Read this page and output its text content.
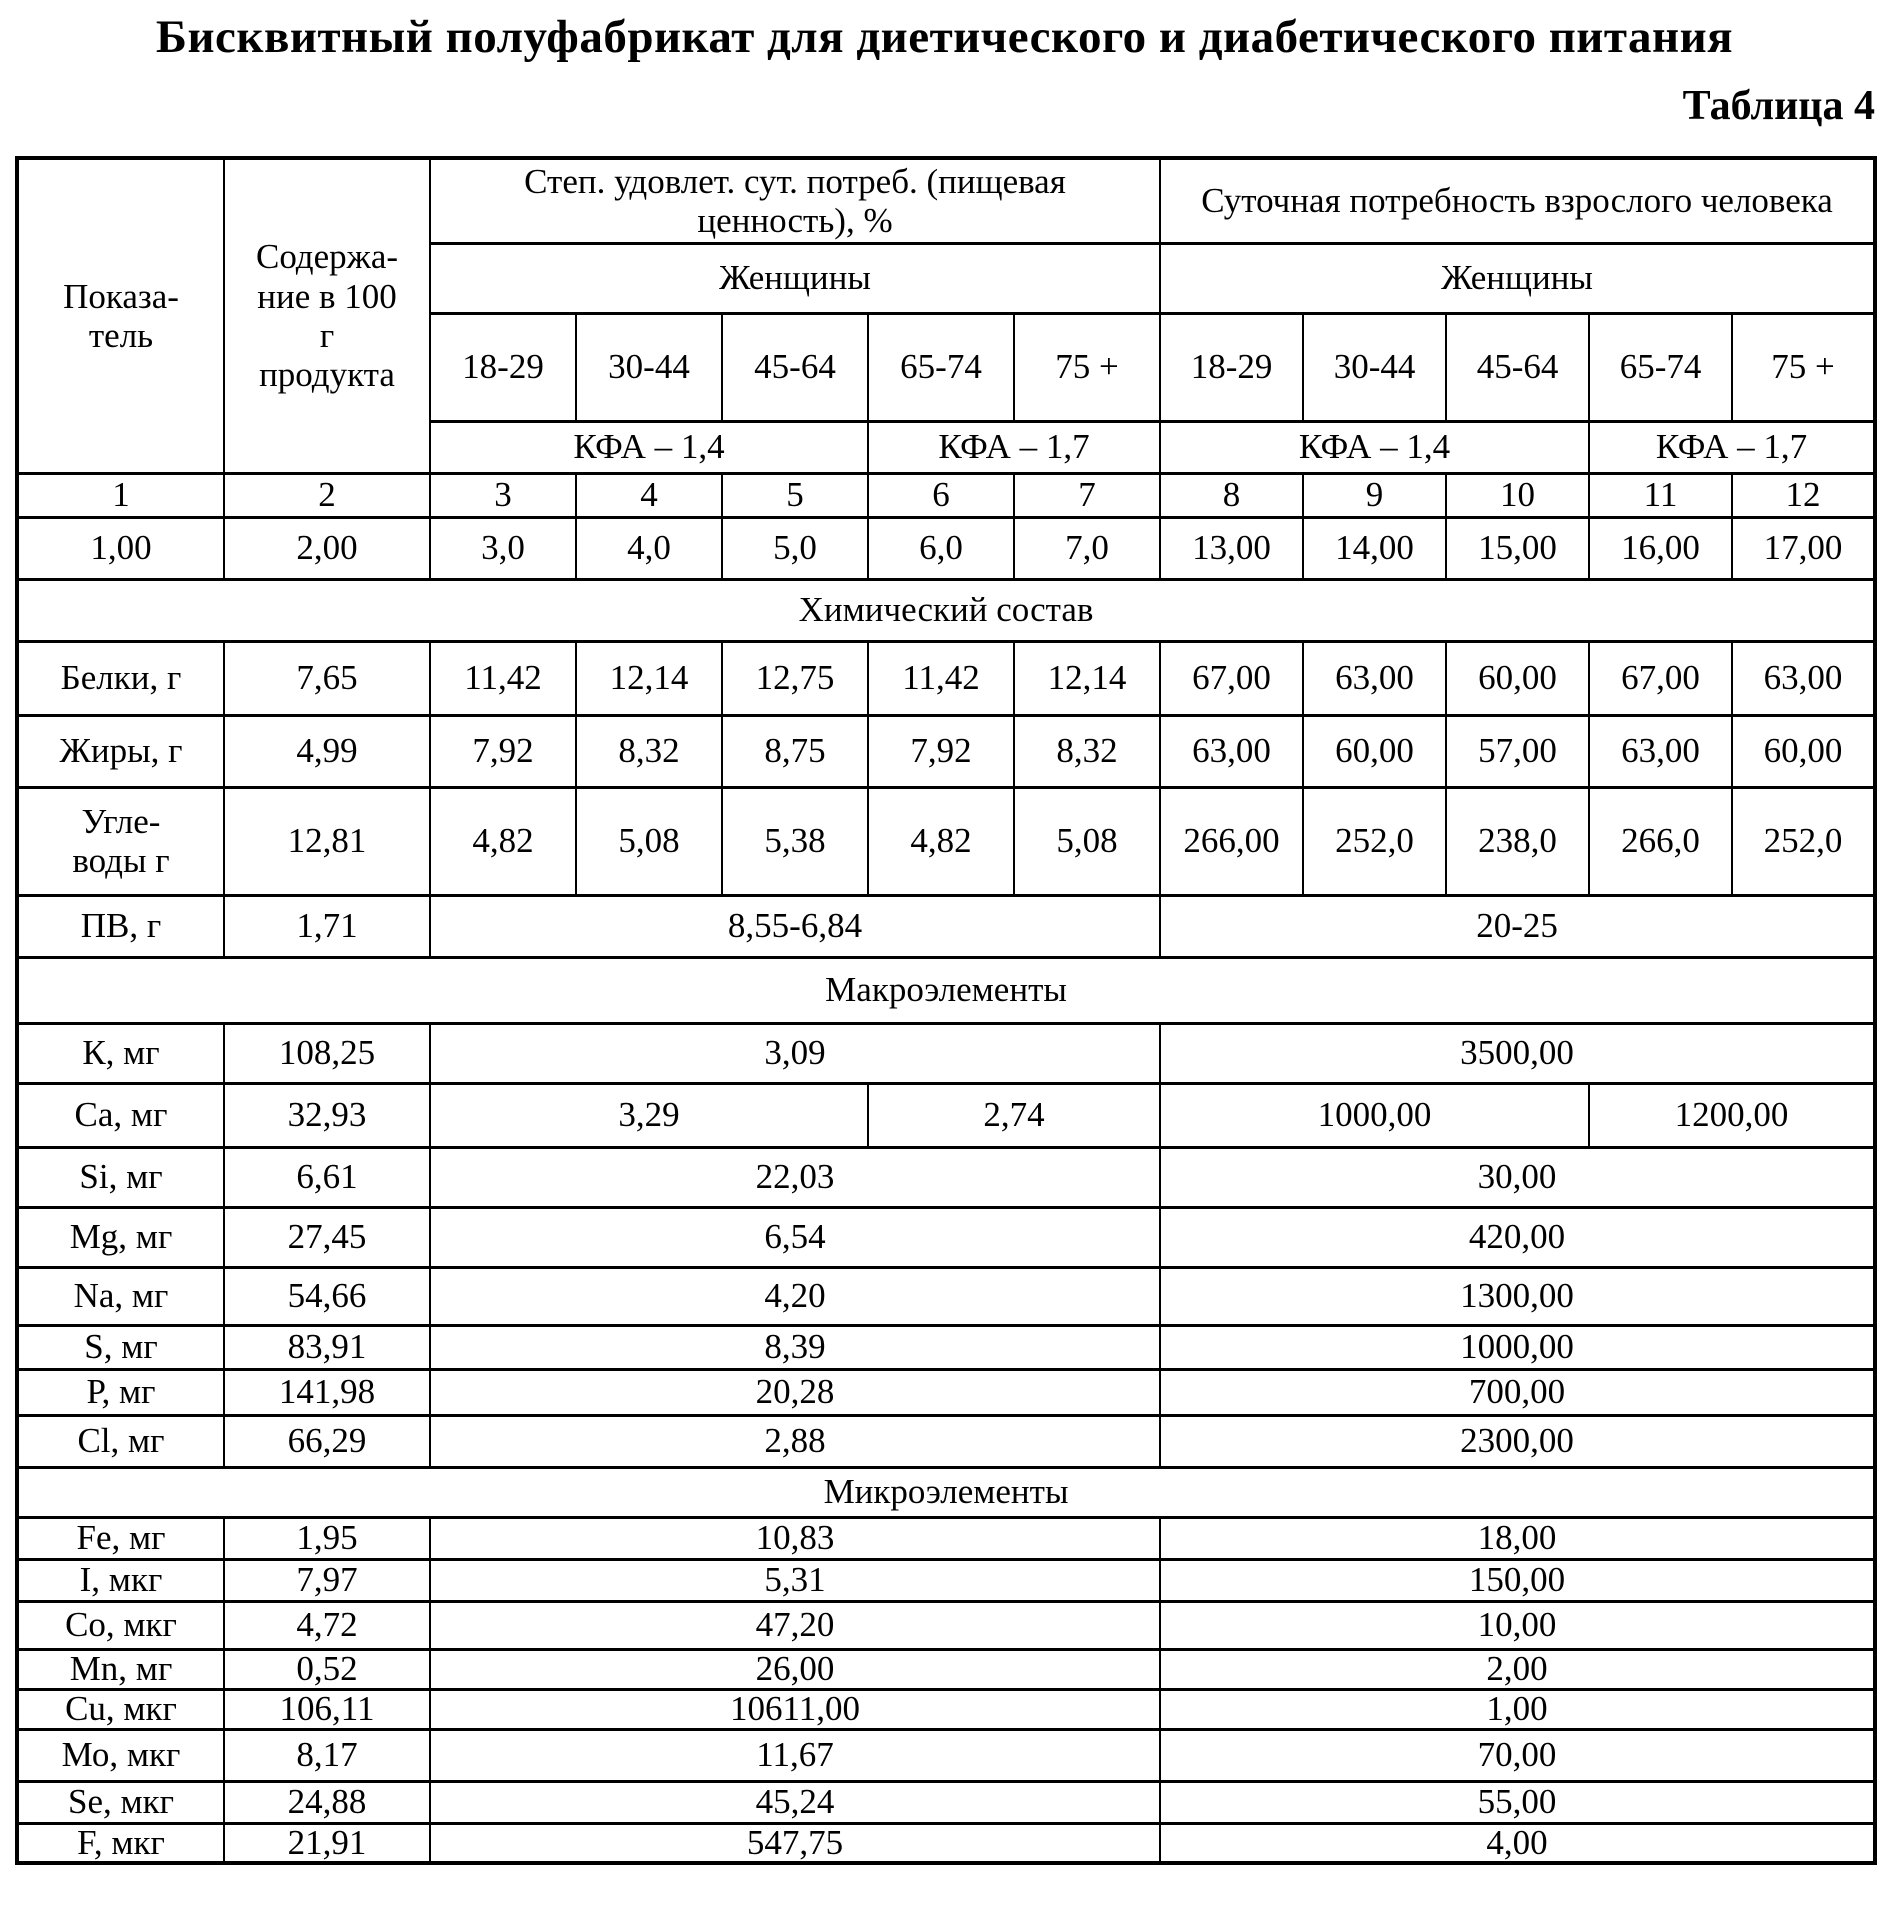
Бисквитный полуфабрикат для диетического и диабетического питания
Таблица 4
Показа-
тель	Содержа-
ние в 100
г
продукта	Степ. удовлет. сут. потреб. (пищевая
ценность), %					Суточная потребность взрослого человека				
		Женщины					Женщины				
		18-29	30-44	45-64	65-74	75 +	18-29	30-44	45-64	65-74	75 +
		КФА – 1,4			КФА – 1,7		КФА – 1,4			КФА – 1,7	
1	2	3	4	5	6	7	8	9	10	11	12
1,00	2,00	3,0	4,0	5,0	6,0	7,0	13,00	14,00	15,00	16,00	17,00
Химический состав											
Белки, г	7,65	11,42	12,14	12,75	11,42	12,14	67,00	63,00	60,00	67,00	63,00
Жиры, г	4,99	7,92	8,32	8,75	7,92	8,32	63,00	60,00	57,00	63,00	60,00
Угле-
воды г	12,81	4,82	5,08	5,38	4,82	5,08	266,00	252,0	238,0	266,0	252,0
ПВ, г	1,71	8,55-6,84					20-25				
Макроэлементы											
К, мг	108,25	3,09					3500,00				
Са, мг	32,93	3,29			2,74		1000,00			1200,00	
Si, мг	6,61	22,03					30,00				
Mg, мг	27,45	6,54					420,00				
Na, мг	54,66	4,20					1300,00				
S, мг	83,91	8,39					1000,00				
Р, мг	141,98	20,28					700,00				
Cl, мг	66,29	2,88					2300,00				
Микроэлементы											
Fe, мг	1,95	10,83					18,00				
I, мкг	7,97	5,31					150,00				
Со, мкг	4,72	47,20					10,00				
Mn, мг	0,52	26,00					2,00				
Cu, мкг	106,11	10611,00					1,00				
Мо, мкг	8,17	11,67					70,00				
Se, мкг	24,88	45,24					55,00				
F, мкг	21,91	547,75					4,00				
